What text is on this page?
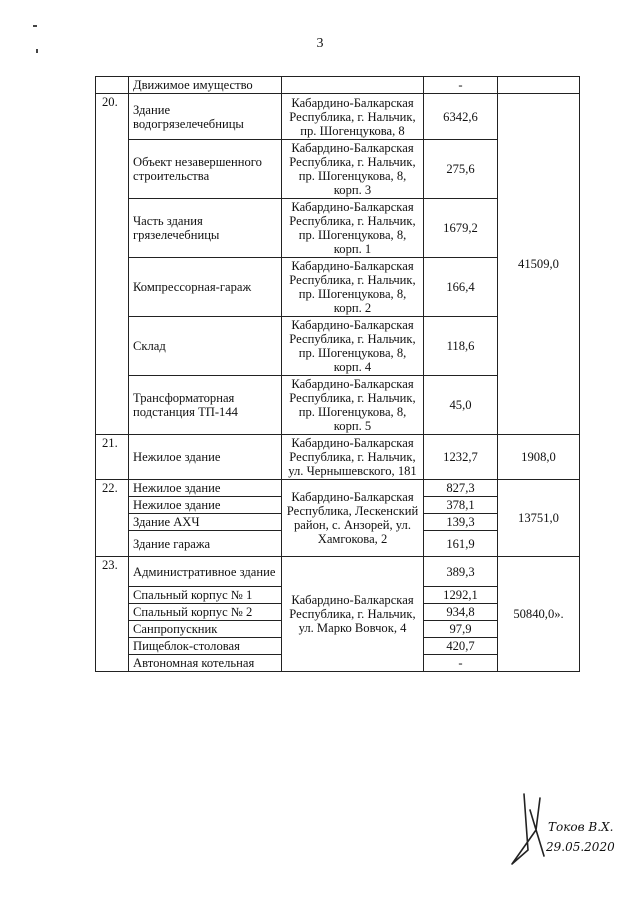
3
	Движимое имущество		-	
20.	Здание водогрязелечебницы	Кабардино-Балкарская Республика, г. Нальчик, пр. Шогенцукова, 8	6342,6	41509,0
	Объект незавершенного строительства	Кабардино-Балкарская Республика, г. Нальчик, пр. Шогенцукова, 8, корп. 3	275,6	
	Часть здания грязелечебницы	Кабардино-Балкарская Республика, г. Нальчик, пр. Шогенцукова, 8, корп. 1	1679,2	
	Компрессорная-гараж	Кабардино-Балкарская Республика, г. Нальчик, пр. Шогенцукова, 8, корп. 2	166,4	
	Склад	Кабардино-Балкарская Республика, г. Нальчик, пр. Шогенцукова, 8, корп. 4	118,6	
	Трансформаторная подстанция ТП-144	Кабардино-Балкарская Республика, г. Нальчик, пр. Шогенцукова, 8, корп. 5	45,0	
21.	Нежилое здание	Кабардино-Балкарская Республика, г. Нальчик, ул. Чернышевского, 181	1232,7	1908,0
22.	Нежилое здание	Кабардино-Балкарская Республика, Лескенский район, с. Анзорей, ул. Хамгокова, 2	827,3	13751,0
	Нежилое здание		378,1	
	Здание АХЧ		139,3	
	Здание гаража		161,9	
23.	Административное здание	Кабардино-Балкарская Республика, г. Нальчик, ул. Марко Вовчок, 4	389,3	50840,0».
	Спальный корпус № 1		1292,1	
	Спальный корпус № 2		934,8	
	Санпропускник		97,9	
	Пищеблок-столовая		420,7	
	Автономная котельная		-	
Токов В.Х.
29.05.2020
